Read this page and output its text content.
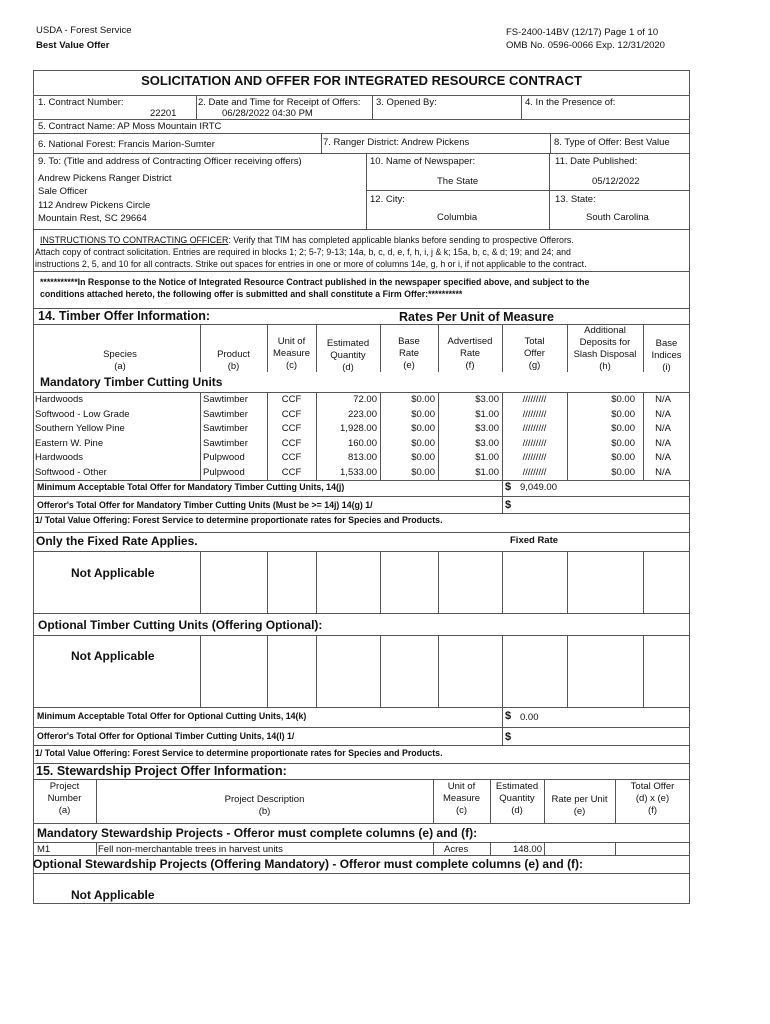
USDA - Forest Service
Best Value Offer
FS-2400-14BV (12/17) Page 1 of 10
OMB No. 0596-0066 Exp. 12/31/2020
SOLICITATION AND OFFER FOR INTEGRATED RESOURCE CONTRACT
1. Contract Number:
22201
2. Date and Time for Receipt of Offers:
06/28/2022 04:30 PM
3. Opened By:	4. In the Presence of:
5. Contract Name: AP Moss Mountain IRTC
6. National Forest: Francis Marion-Sumter	7. Ranger District: Andrew Pickens	8. Type of Offer: Best Value
9. To: (Title and address of Contracting Officer receiving offers)
Andrew Pickens Ranger District
Sale Officer
112 Andrew Pickens Circle
Mountain Rest, SC 29664
10. Name of Newspaper:
The State
11. Date Published:
05/12/2022
12. City:
Columbia
13. State:
South Carolina
INSTRUCTIONS TO CONTRACTING OFFICER: Verify that TIM has completed applicable blanks before sending to prospective Offerors.
Attach copy of contract solicitation. Entries are required in blocks 1; 2; 5-7; 9-13; 14a, b, c, d, e, f, h, i, j & k; 15a, b, c, & d; 19; and 24; and
instructions 2, 5, and 10 for all contracts. Strike out spaces for entries in one or more of columns 14e, g, h or i, if not applicable to the contract.
***********In Response to the Notice of Integrated Resource Contract published in the newspaper specified above, and subject to the
conditions attached hereto, the following offer is submitted and shall constitute a Firm Offer:**********
14. Timber Offer Information:	Rates Per Unit of Measure
Species
(a)
Product
(b)
Unit of
Measure
(c)
Estimated
Quantity
(d)
Base
Rate
(e)
Advertised
Rate
(f)
Total
Offer
(g)
Additional
Deposits for
Slash Disposal
(h)
Base
Indices
(i)
Mandatory Timber Cutting Units
Hardwoods	Sawtimber	CCF	72.00	$0.00	$3.00	/////////	$0.00	N/A
Softwood - Low Grade	Sawtimber	CCF	223.00	$0.00	$1.00	/////////	$0.00	N/A
Southern Yellow Pine	Sawtimber	CCF	1,928.00	$0.00	$3.00	/////////	$0.00	N/A
Eastern W. Pine	Sawtimber	CCF	160.00	$0.00	$3.00	/////////	$0.00	N/A
Hardwoods	Pulpwood	CCF	813.00	$0.00	$1.00	/////////	$0.00	N/A
Softwood - Other	Pulpwood	CCF	1,533.00	$0.00	$1.00	/////////	$0.00	N/A
Minimum Acceptable Total Offer for Mandatory Timber Cutting Units, 14(j)	$ 9,049.00
Offeror's Total Offer for Mandatory Timber Cutting Units (Must be >= 14j) 14(g) 1/	$
1/ Total Value Offering: Forest Service to determine proportionate rates for Species and Products.
Only the Fixed Rate Applies.	Fixed Rate
Not Applicable
Optional Timber Cutting Units (Offering Optional):
Not Applicable
Minimum Acceptable Total Offer for Optional Cutting Units, 14(k)	$ 0.00
Offeror's Total Offer for Optional Timber Cutting Units, 14(l) 1/	$
1/ Total Value Offering: Forest Service to determine proportionate rates for Species and Products.
15. Stewardship Project Offer Information:
Project
Number
(a)
Project Description
(b)
Unit of
Measure
(c)
Estimated
Quantity
(d)
Rate per Unit
(e)
Total Offer
(d) x (e)
(f)
Mandatory Stewardship Projects - Offeror must complete columns (e) and (f):
M1	Fell non-merchantable trees in harvest units	Acres	148.00
Optional Stewardship Projects (Offering Mandatory) - Offeror must complete columns (e) and (f):
Not Applicable
